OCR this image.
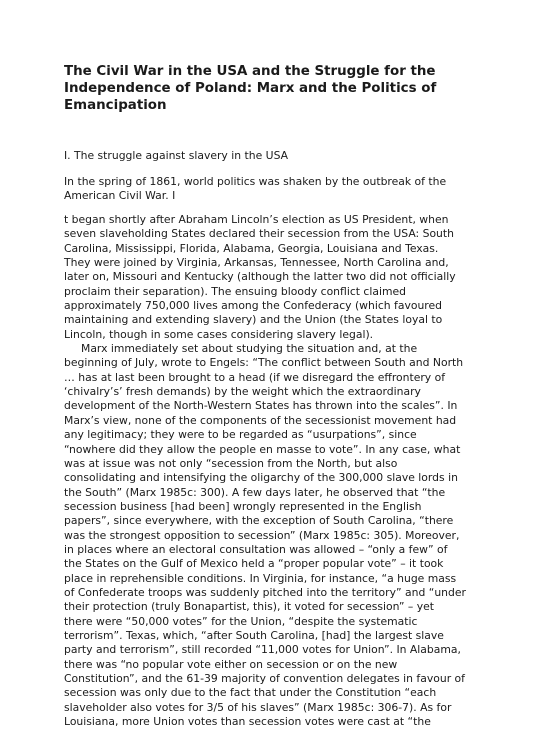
The Civil War in the USA and the Struggle for the
Independence of Poland: Marx and the Politics of
Emancipation
I. The struggle against slavery in the USA

In the spring of 1861, world politics was shaken by the outbreak of the
American Civil War. I

t began shortly after Abraham Lincoln’s election as US President, when
seven slaveholding States declared their secession from the USA: South
Carolina, Mississippi, Florida, Alabama, Georgia, Louisiana and Texas.
They were joined by Virginia, Arkansas, Tennessee, North Carolina and,
later on, Missouri and Kentucky (although the latter two did not officially
proclaim their separation). The ensuing bloody conflict claimed
approximately 750,000 lives among the Confederacy (which favoured
maintaining and extending slavery) and the Union (the States loyal to
Lincoln, though in some cases considering slavery legal).
Marx immediately set about studying the situation and, at the
beginning of July, wrote to Engels: “The conflict between South and North
… has at last been brought to a head (if we disregard the effrontery of
‘chivalry’s’ fresh demands) by the weight which the extraordinary
development of the North-Western States has thrown into the scales”. In
Marx’s view, none of the components of the secessionist movement had
any legitimacy; they were to be regarded as “usurpations”, since
“nowhere did they allow the people en masse to vote”. In any case, what
was at issue was not only “secession from the North, but also
consolidating and intensifying the oligarchy of the 300,000 slave lords in
the South” (Marx 1985c: 300). A few days later, he observed that “the
secession business [had been] wrongly represented in the English
papers”, since everywhere, with the exception of South Carolina, “there
was the strongest opposition to secession” (Marx 1985c: 305). Moreover,
in places where an electoral consultation was allowed – “only a few” of
the States on the Gulf of Mexico held a “proper popular vote” – it took
place in reprehensible conditions. In Virginia, for instance, “a huge mass
of Confederate troops was suddenly pitched into the territory” and “under
their protection (truly Bonapartist, this), it voted for secession” – yet
there were “50,000 votes” for the Union, “despite the systematic
terrorism”. Texas, which, “after South Carolina, [had] the largest slave
party and terrorism”, still recorded “11,000 votes for Union”. In Alabama,
there was “no popular vote either on secession or on the new
Constitution”, and the 61-39 majority of convention delegates in favour of
secession was only due to the fact that under the Constitution “each
slaveholder also votes for 3/5 of his slaves” (Marx 1985c: 306-7). As for
Louisiana, more Union votes than secession votes were cast at “the
